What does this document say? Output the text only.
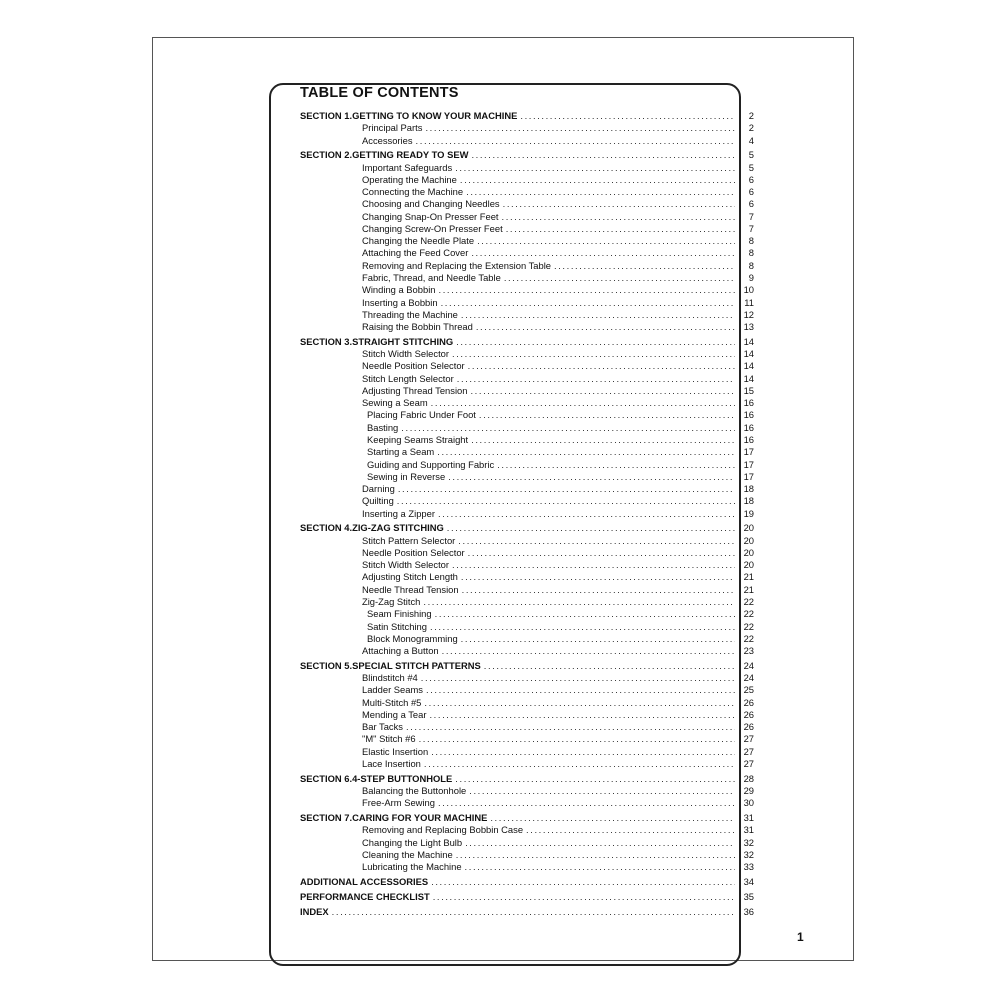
TABLE OF CONTENTS
SECTION 1. GETTING TO KNOW YOUR MACHINE .....	2
Principal Parts .....	2
Accessories .....	4
SECTION 2. GETTING READY TO SEW .....	5
Important Safeguards .....	5
Operating the Machine .....	6
Connecting the Machine .....	6
Choosing and Changing Needles .....	6
Changing Snap-On Presser Feet .....	7
Changing Screw-On Presser Feet .....	7
Changing the Needle Plate .....	8
Attaching the Feed Cover .....	8
Removing and Replacing the Extension Table .....	8
Fabric, Thread, and Needle Table .....	9
Winding a Bobbin .....	10
Inserting a Bobbin .....	11
Threading the Machine .....	12
Raising the Bobbin Thread .....	13
SECTION 3. STRAIGHT STITCHING .....	14
Stitch Width Selector .....	14
Needle Position Selector .....	14
Stitch Length Selector .....	14
Adjusting Thread Tension .....	15
Sewing a Seam .....	16
Placing Fabric Under Foot .....	16
Basting .....	16
Keeping Seams Straight .....	16
Starting a Seam .....	17
Guiding and Supporting Fabric .....	17
Sewing in Reverse .....	17
Darning .....	18
Quilting .....	18
Inserting a Zipper .....	19
SECTION 4. ZIG-ZAG STITCHING .....	20
Stitch Pattern Selector .....	20
Needle Position Selector .....	20
Stitch Width Selector .....	20
Adjusting Stitch Length .....	21
Needle Thread Tension .....	21
Zig-Zag Stitch .....	22
Seam Finishing .....	22
Satin Stitching .....	22
Block Monogramming .....	22
Attaching a Button .....	23
SECTION 5. SPECIAL STITCH PATTERNS .....	24
Blindstitch #4 .....	24
Ladder Seams .....	25
Multi-Stitch #5 .....	26
Mending a Tear .....	26
Bar Tacks .....	26
"M" Stitch #6 .....	27
Elastic Insertion .....	27
Lace Insertion .....	27
SECTION 6. 4-STEP BUTTONHOLE .....	28
Balancing the Buttonhole .....	29
Free-Arm Sewing .....	30
SECTION 7. CARING FOR YOUR MACHINE .....	31
Removing and Replacing Bobbin Case .....	31
Changing the Light Bulb .....	32
Cleaning the Machine .....	32
Lubricating the Machine .....	33
ADDITIONAL ACCESSORIES .....	34
PERFORMANCE CHECKLIST .....	35
INDEX .....	36
1
